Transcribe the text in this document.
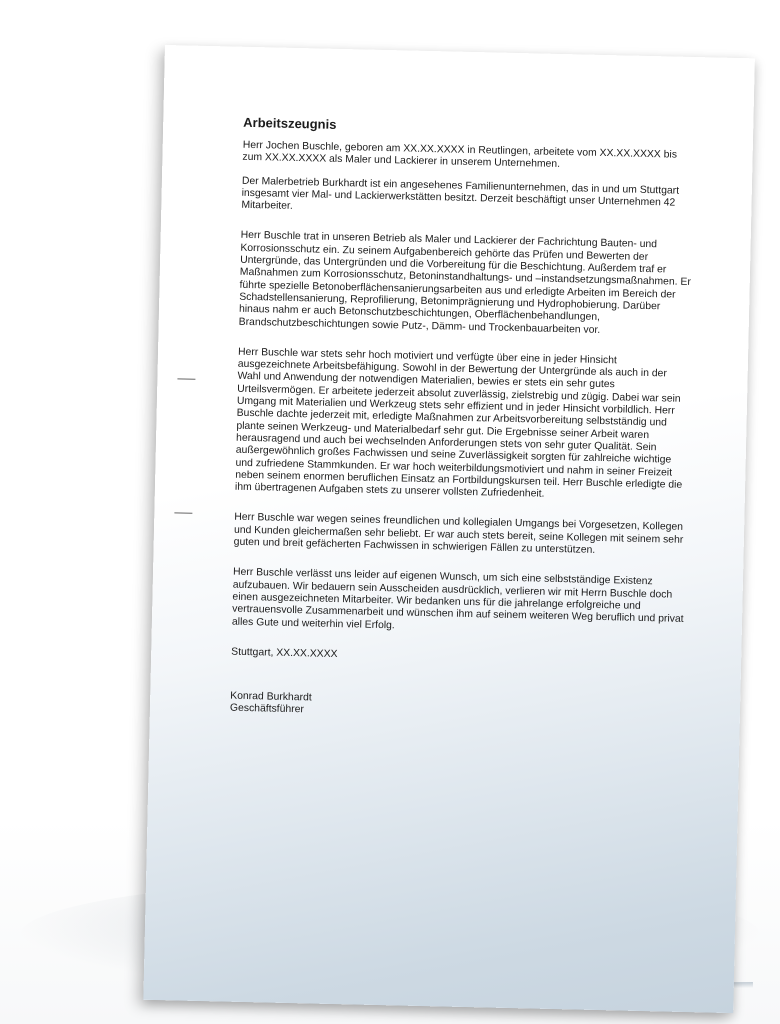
Arbeitszeugnis

Herr Jochen Buschle, geboren am XX.XX.XXXX in Reutlingen, arbeitete vom XX.XX.XXXX bis zum XX.XX.XXXX als Maler und Lackierer in unserem Unternehmen.

Der Malerbetrieb Burkhardt ist ein angesehenes Familienunternehmen, das in und um Stuttgart insgesamt vier Mal- und Lackierwerkstätten besitzt. Derzeit beschäftigt unser Unternehmen 42 Mitarbeiter.

Herr Buschle trat in unseren Betrieb als Maler und Lackierer der Fachrichtung Bauten- und Korrosionsschutz ein. Zu seinem Aufgabenbereich gehörte das Prüfen und Bewerten der Untergründe, das Untergründen und die Vorbereitung für die Beschichtung. Außerdem traf er Maßnahmen zum Korrosionsschutz, Betoninstandhaltungs- und –instandsetzungsmaßnahmen. Er führte spezielle Betonoberflächensanierungsarbeiten aus und erledigte Arbeiten im Bereich der Schadstellensanierung, Reprofilierung, Betonimprägnierung und Hydrophobierung. Darüber hinaus nahm er auch Betonschutzbeschichtungen, Oberflächenbehandlungen, Brandschutzbeschichtungen sowie Putz-, Dämm- und Trockenbauarbeiten vor.

Herr Buschle war stets sehr hoch motiviert und verfügte über eine in jeder Hinsicht ausgezeichnete Arbeitsbefähigung. Sowohl in der Bewertung der Untergründe als auch in der Wahl und Anwendung der notwendigen Materialien, bewies er stets ein sehr gutes Urteilsvermögen. Er arbeitete jederzeit absolut zuverlässig, zielstrebig und zügig. Dabei war sein Umgang mit Materialien und Werkzeug stets sehr effizient und in jeder Hinsicht vorbildlich. Herr Buschle dachte jederzeit mit, erledigte Maßnahmen zur Arbeitsvorbereitung selbstständig und plante seinen Werkzeug- und Materialbedarf sehr gut. Die Ergebnisse seiner Arbeit waren herausragend und auch bei wechselnden Anforderungen stets von sehr guter Qualität. Sein außergewöhnlich großes Fachwissen und seine Zuverlässigkeit sorgten für zahlreiche wichtige und zufriedene Stammkunden. Er war hoch weiterbildungsmotiviert und nahm in seiner Freizeit neben seinem enormen beruflichen Einsatz an Fortbildungskursen teil. Herr Buschle erledigte die ihm übertragenen Aufgaben stets zu unserer vollsten Zufriedenheit.

Herr Buschle war wegen seines freundlichen und kollegialen Umgangs bei Vorgesetzen, Kollegen und Kunden gleichermaßen sehr beliebt. Er war auch stets bereit, seine Kollegen mit seinem sehr guten und breit gefächerten Fachwissen in schwierigen Fällen zu unterstützen.

Herr Buschle verlässt uns leider auf eigenen Wunsch, um sich eine selbstständige Existenz aufzubauen. Wir bedauern sein Ausscheiden ausdrücklich, verlieren wir mit Herrn Buschle doch einen ausgezeichneten Mitarbeiter. Wir bedanken uns für die jahrelange erfolgreiche und vertrauensvolle Zusammenarbeit und wünschen ihm auf seinem weiteren Weg beruflich und privat alles Gute und weiterhin viel Erfolg.

Stuttgart, XX.XX.XXXX

Konrad Burkhardt
Geschäftsführer
